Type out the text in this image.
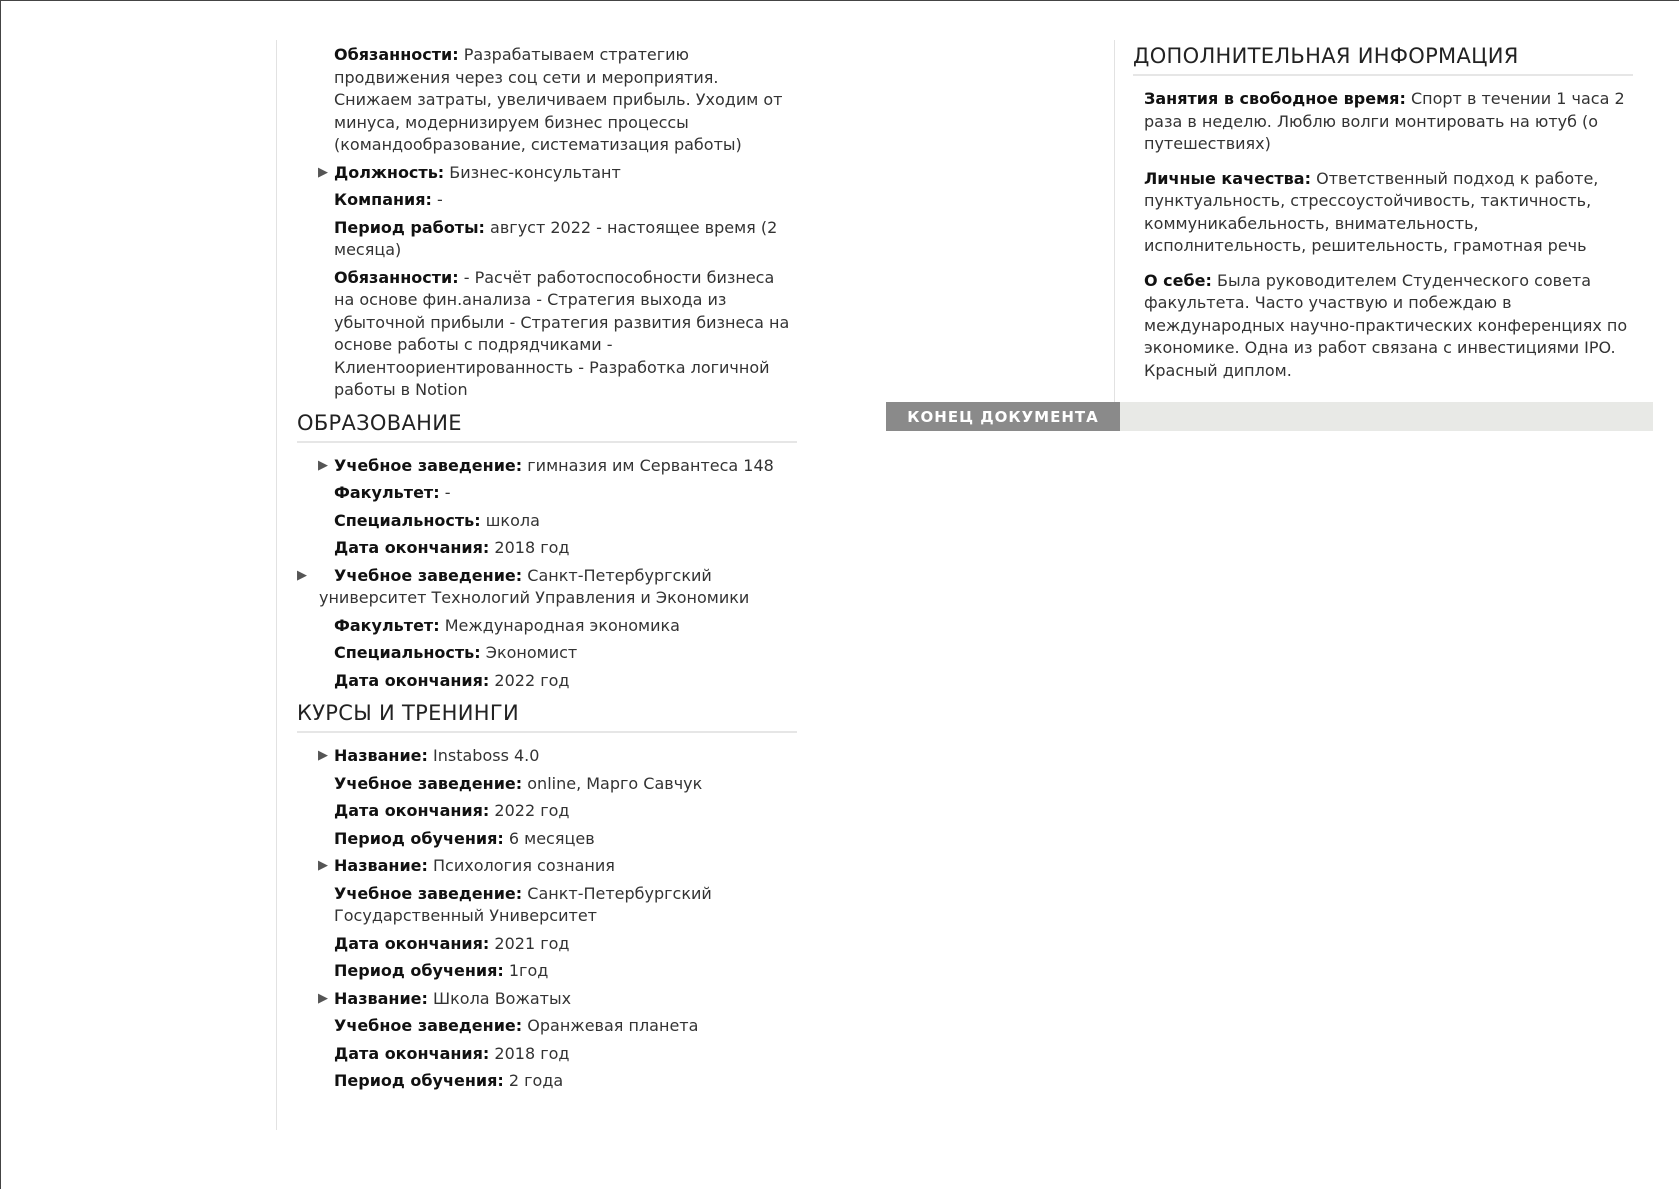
Обязанности: Разрабатываем стратегию продвижения через соц сети и мероприятия. Снижаем затраты, увеличиваем прибыль. Уходим от минуса, модернизируем бизнес процессы (командообразование, систематизация работы)
▶ Должность: Бизнес-консультант
Компания: -
Период работы: август 2022 - настоящее время (2 месяца)
Обязанности: - Расчёт работоспособности бизнеса на основе фин.анализа - Стратегия выхода из убыточной прибыли - Стратегия развития бизнеса на основе работы с подрядчиками - Клиентоориентированность - Разработка логичной работы в Notion
ОБРАЗОВАНИЕ
▶ Учебное заведение: гимназия им Сервантеса 148
Факультет: -
Специальность: школа
Дата окончания: 2018 год
▶ Учебное заведение: Санкт-Петербургский университет Технологий Управления и Экономики
Факультет: Международная экономика
Специальность: Экономист
Дата окончания: 2022 год
КУРСЫ И ТРЕНИНГИ
▶ Название: Instaboss 4.0
Учебное заведение: online, Марго Савчук
Дата окончания: 2022 год
Период обучения: 6 месяцев
▶ Название: Психология сознания
Учебное заведение: Санкт-Петербургский Государственный Университет
Дата окончания: 2021 год
Период обучения: 1год
▶ Название: Школа Вожатых
Учебное заведение: Оранжевая планета
Дата окончания: 2018 год
Период обучения: 2 года
ДОПОЛНИТЕЛЬНАЯ ИНФОРМАЦИЯ
Занятия в свободное время: Спорт в течении 1 часа 2 раза в неделю. Люблю волги монтировать на ютуб (о путешествиях)
Личные качества: Ответственный подход к работе, пунктуальность, стрессоустойчивость, тактичность, коммуникабельность, внимательность, исполнительность, решительность, грамотная речь
О себе: Была руководителем Студенческого совета факультета. Часто участвую и побеждаю в международных научно-практических конференциях по экономике. Одна из работ связана с инвестициями IPO. Красный диплом.
КОНЕЦ ДОКУМЕНТА
